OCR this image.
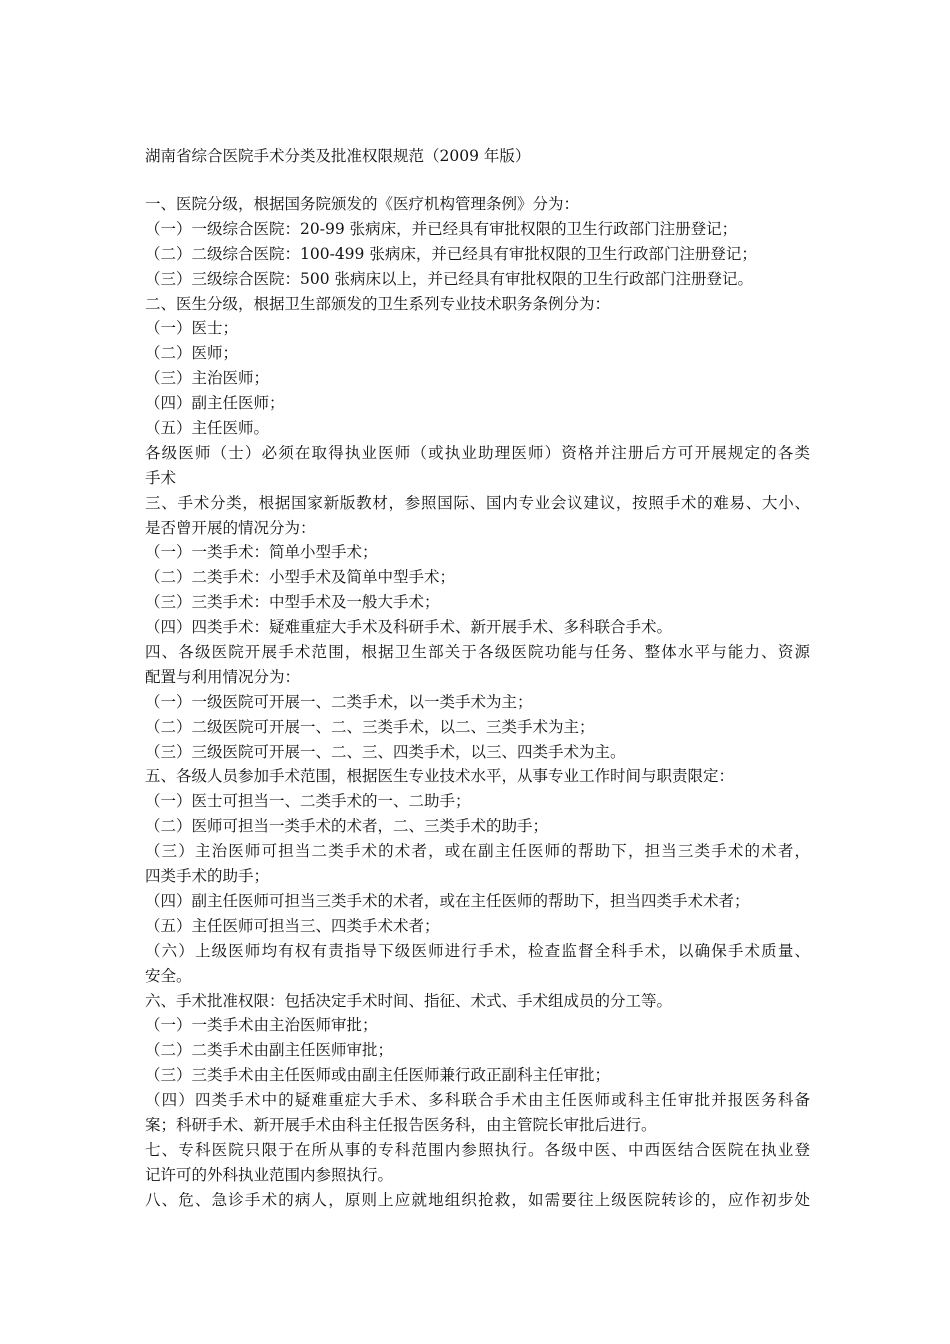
湖南省综合医院手术分类及批准权限规范（2009 年版）
一、医院分级，根据国务院颁发的《医疗机构管理条例》分为：
（一）一级综合医院：20-99 张病床，并已经具有审批权限的卫生行政部门注册登记；
（二）二级综合医院：100-499 张病床，并已经具有审批权限的卫生行政部门注册登记；
（三）三级综合医院：500 张病床以上，并已经具有审批权限的卫生行政部门注册登记。
二、医生分级，根据卫生部颁发的卫生系列专业技术职务条例分为：
（一）医士；
（二）医师；
（三）主治医师；
（四）副主任医师；
（五）主任医师。
各级医师（士）必须在取得执业医师（或执业助理医师）资格并注册后方可开展规定的各类
手术
三、手术分类，根据国家新版教材，参照国际、国内专业会议建议，按照手术的难易、大小、
是否曾开展的情况分为：
（一）一类手术：简单小型手术；
（二）二类手术：小型手术及简单中型手术；
（三）三类手术：中型手术及一般大手术；
（四）四类手术：疑难重症大手术及科研手术、新开展手术、多科联合手术。
四、各级医院开展手术范围，根据卫生部关于各级医院功能与任务、整体水平与能力、资源
配置与利用情况分为：
（一）一级医院可开展一、二类手术，以一类手术为主；
（二）二级医院可开展一、二、三类手术，以二、三类手术为主；
（三）三级医院可开展一、二、三、四类手术，以三、四类手术为主。
五、各级人员参加手术范围，根据医生专业技术水平，从事专业工作时间与职责限定：
（一）医士可担当一、二类手术的一、二助手；
（二）医师可担当一类手术的术者，二、三类手术的助手；
（三）主治医师可担当二类手术的术者，或在副主任医师的帮助下，担当三类手术的术者，
四类手术的助手；
（四）副主任医师可担当三类手术的术者，或在主任医师的帮助下，担当四类手术术者；
（五）主任医师可担当三、四类手术术者；
（六）上级医师均有权有责指导下级医师进行手术，检查监督全科手术，以确保手术质量、
安全。
六、手术批准权限：包括决定手术时间、指征、术式、手术组成员的分工等。
（一）一类手术由主治医师审批；
（二）二类手术由副主任医师审批；
（三）三类手术由主任医师或由副主任医师兼行政正副科主任审批；
（四）四类手术中的疑难重症大手术、多科联合手术由主任医师或科主任审批并报医务科备
案；科研手术、新开展手术由科主任报告医务科，由主管院长审批后进行。
七、专科医院只限于在所从事的专科范围内参照执行。各级中医、中西医结合医院在执业登
记许可的外科执业范围内参照执行。
八、危、急诊手术的病人，原则上应就地组织抢救，如需要往上级医院转诊的，应作初步处
